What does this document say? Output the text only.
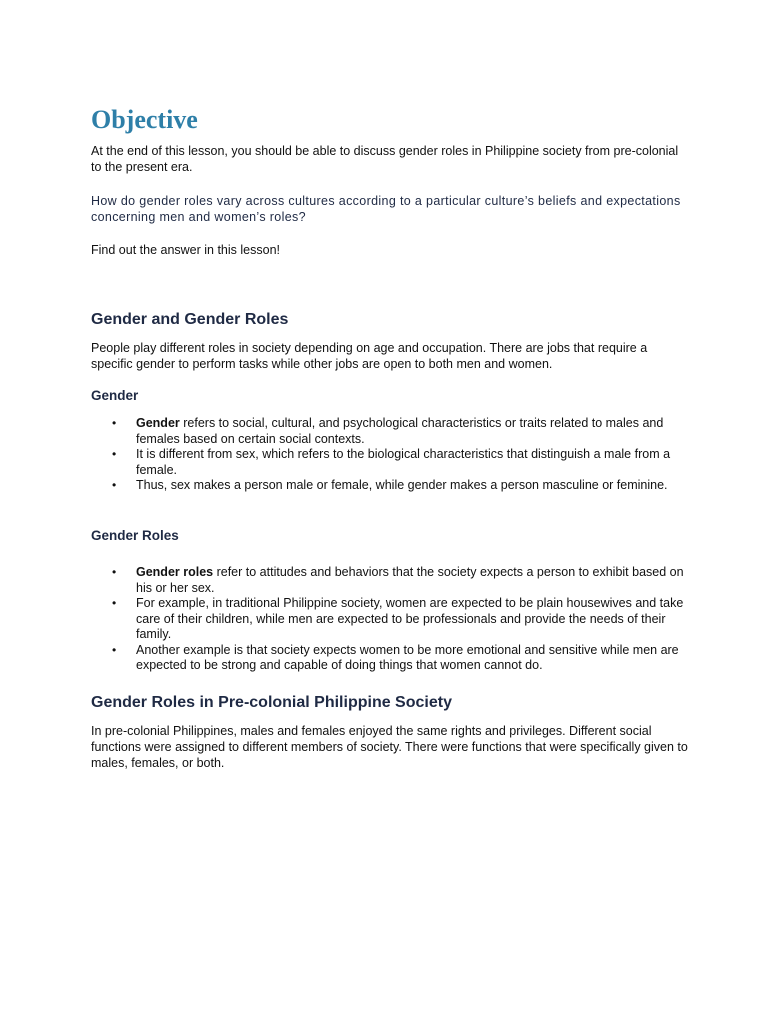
Objective

At the end of this lesson, you should be able to discuss gender roles in Philippine society from pre-colonial to the present era.

How do gender roles vary across cultures according to a particular culture’s beliefs and expectations concerning men and women’s roles?

Find out the answer in this lesson!

Gender and Gender Roles

People play different roles in society depending on age and occupation. There are jobs that require a specific gender to perform tasks while other jobs are open to both men and women.

Gender
• Gender refers to social, cultural, and psychological characteristics or traits related to males and females based on certain social contexts.
• It is different from sex, which refers to the biological characteristics that distinguish a male from a female.
• Thus, sex makes a person male or female, while gender makes a person masculine or feminine.
Gender Roles
• Gender roles refer to attitudes and behaviors that the society expects a person to exhibit based on his or her sex.
• For example, in traditional Philippine society, women are expected to be plain housewives and take care of their children, while men are expected to be professionals and provide the needs of their family.
• Another example is that society expects women to be more emotional and sensitive while men are expected to be strong and capable of doing things that women cannot do.
Gender Roles in Pre-colonial Philippine Society

In pre-colonial Philippines, males and females enjoyed the same rights and privileges. Different social functions were assigned to different members of society. There were functions that were specifically given to males, females, or both.
